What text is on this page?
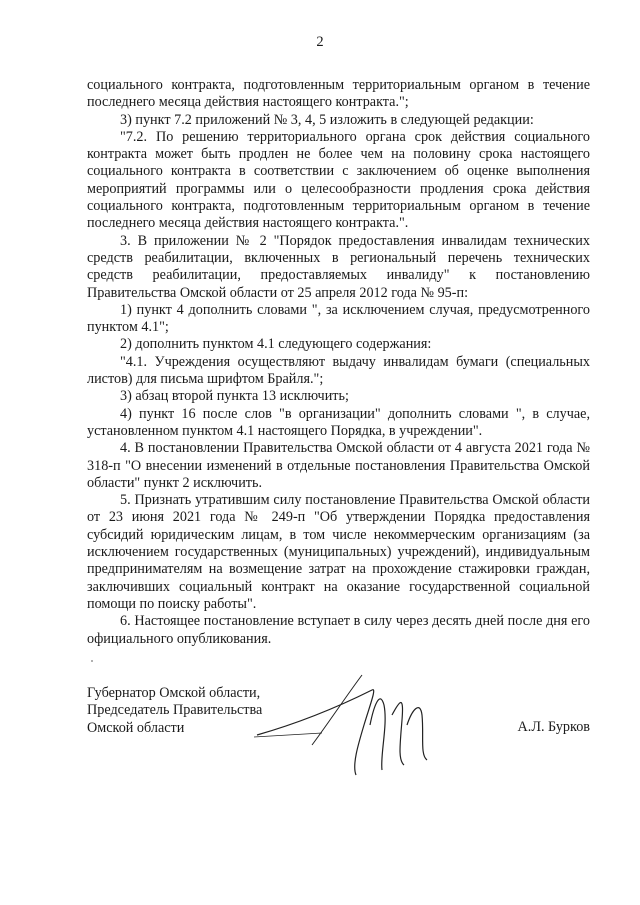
2

социального контракта, подготовленным территориальным органом в течение последнего месяца действия настоящего контракта.";

3) пункт 7.2 приложений № 3, 4, 5 изложить в следующей редакции:

"7.2. По решению территориального органа срок действия социального контракта может быть продлен не более чем на половину срока настоящего социального контракта в соответствии с заключением об оценке выполнения мероприятий программы или о целесообразности продления срока действия социального контракта, подготовленным территориальным органом в течение последнего месяца действия настоящего контракта.".

3. В приложении № 2 "Порядок предоставления инвалидам технических средств реабилитации, включенных в региональный перечень технических средств реабилитации, предоставляемых инвалиду" к постановлению Правительства Омской области от 25 апреля 2012 года № 95-п:

1) пункт 4 дополнить словами ", за исключением случая, предусмотренного пунктом 4.1";

2) дополнить пунктом 4.1 следующего содержания:

"4.1. Учреждения осуществляют выдачу инвалидам бумаги (специальных листов) для письма шрифтом Брайля.";

3) абзац второй пункта 13 исключить;

4) пункт 16 после слов "в организации" дополнить словами ", в случае, установленном пунктом 4.1 настоящего Порядка, в учреждении".

4. В постановлении Правительства Омской области от 4 августа 2021 года № 318-п "О внесении изменений в отдельные постановления Правительства Омской области" пункт 2 исключить.

5. Признать утратившим силу постановление Правительства Омской области от 23 июня 2021 года № 249-п "Об утверждении Порядка предоставления субсидий юридическим лицам, в том числе некоммерческим организациям (за исключением государственных (муниципальных) учреждений), индивидуальным предпринимателям на возмещение затрат на прохождение стажировки граждан, заключивших социальный контракт на оказание государственной социальной помощи по поиску работы".

6. Настоящее постановление вступает в силу через десять дней после дня его официального опубликования.

Губернатор Омской области,
Председатель Правительства
Омской области	А.Л. Бурков
